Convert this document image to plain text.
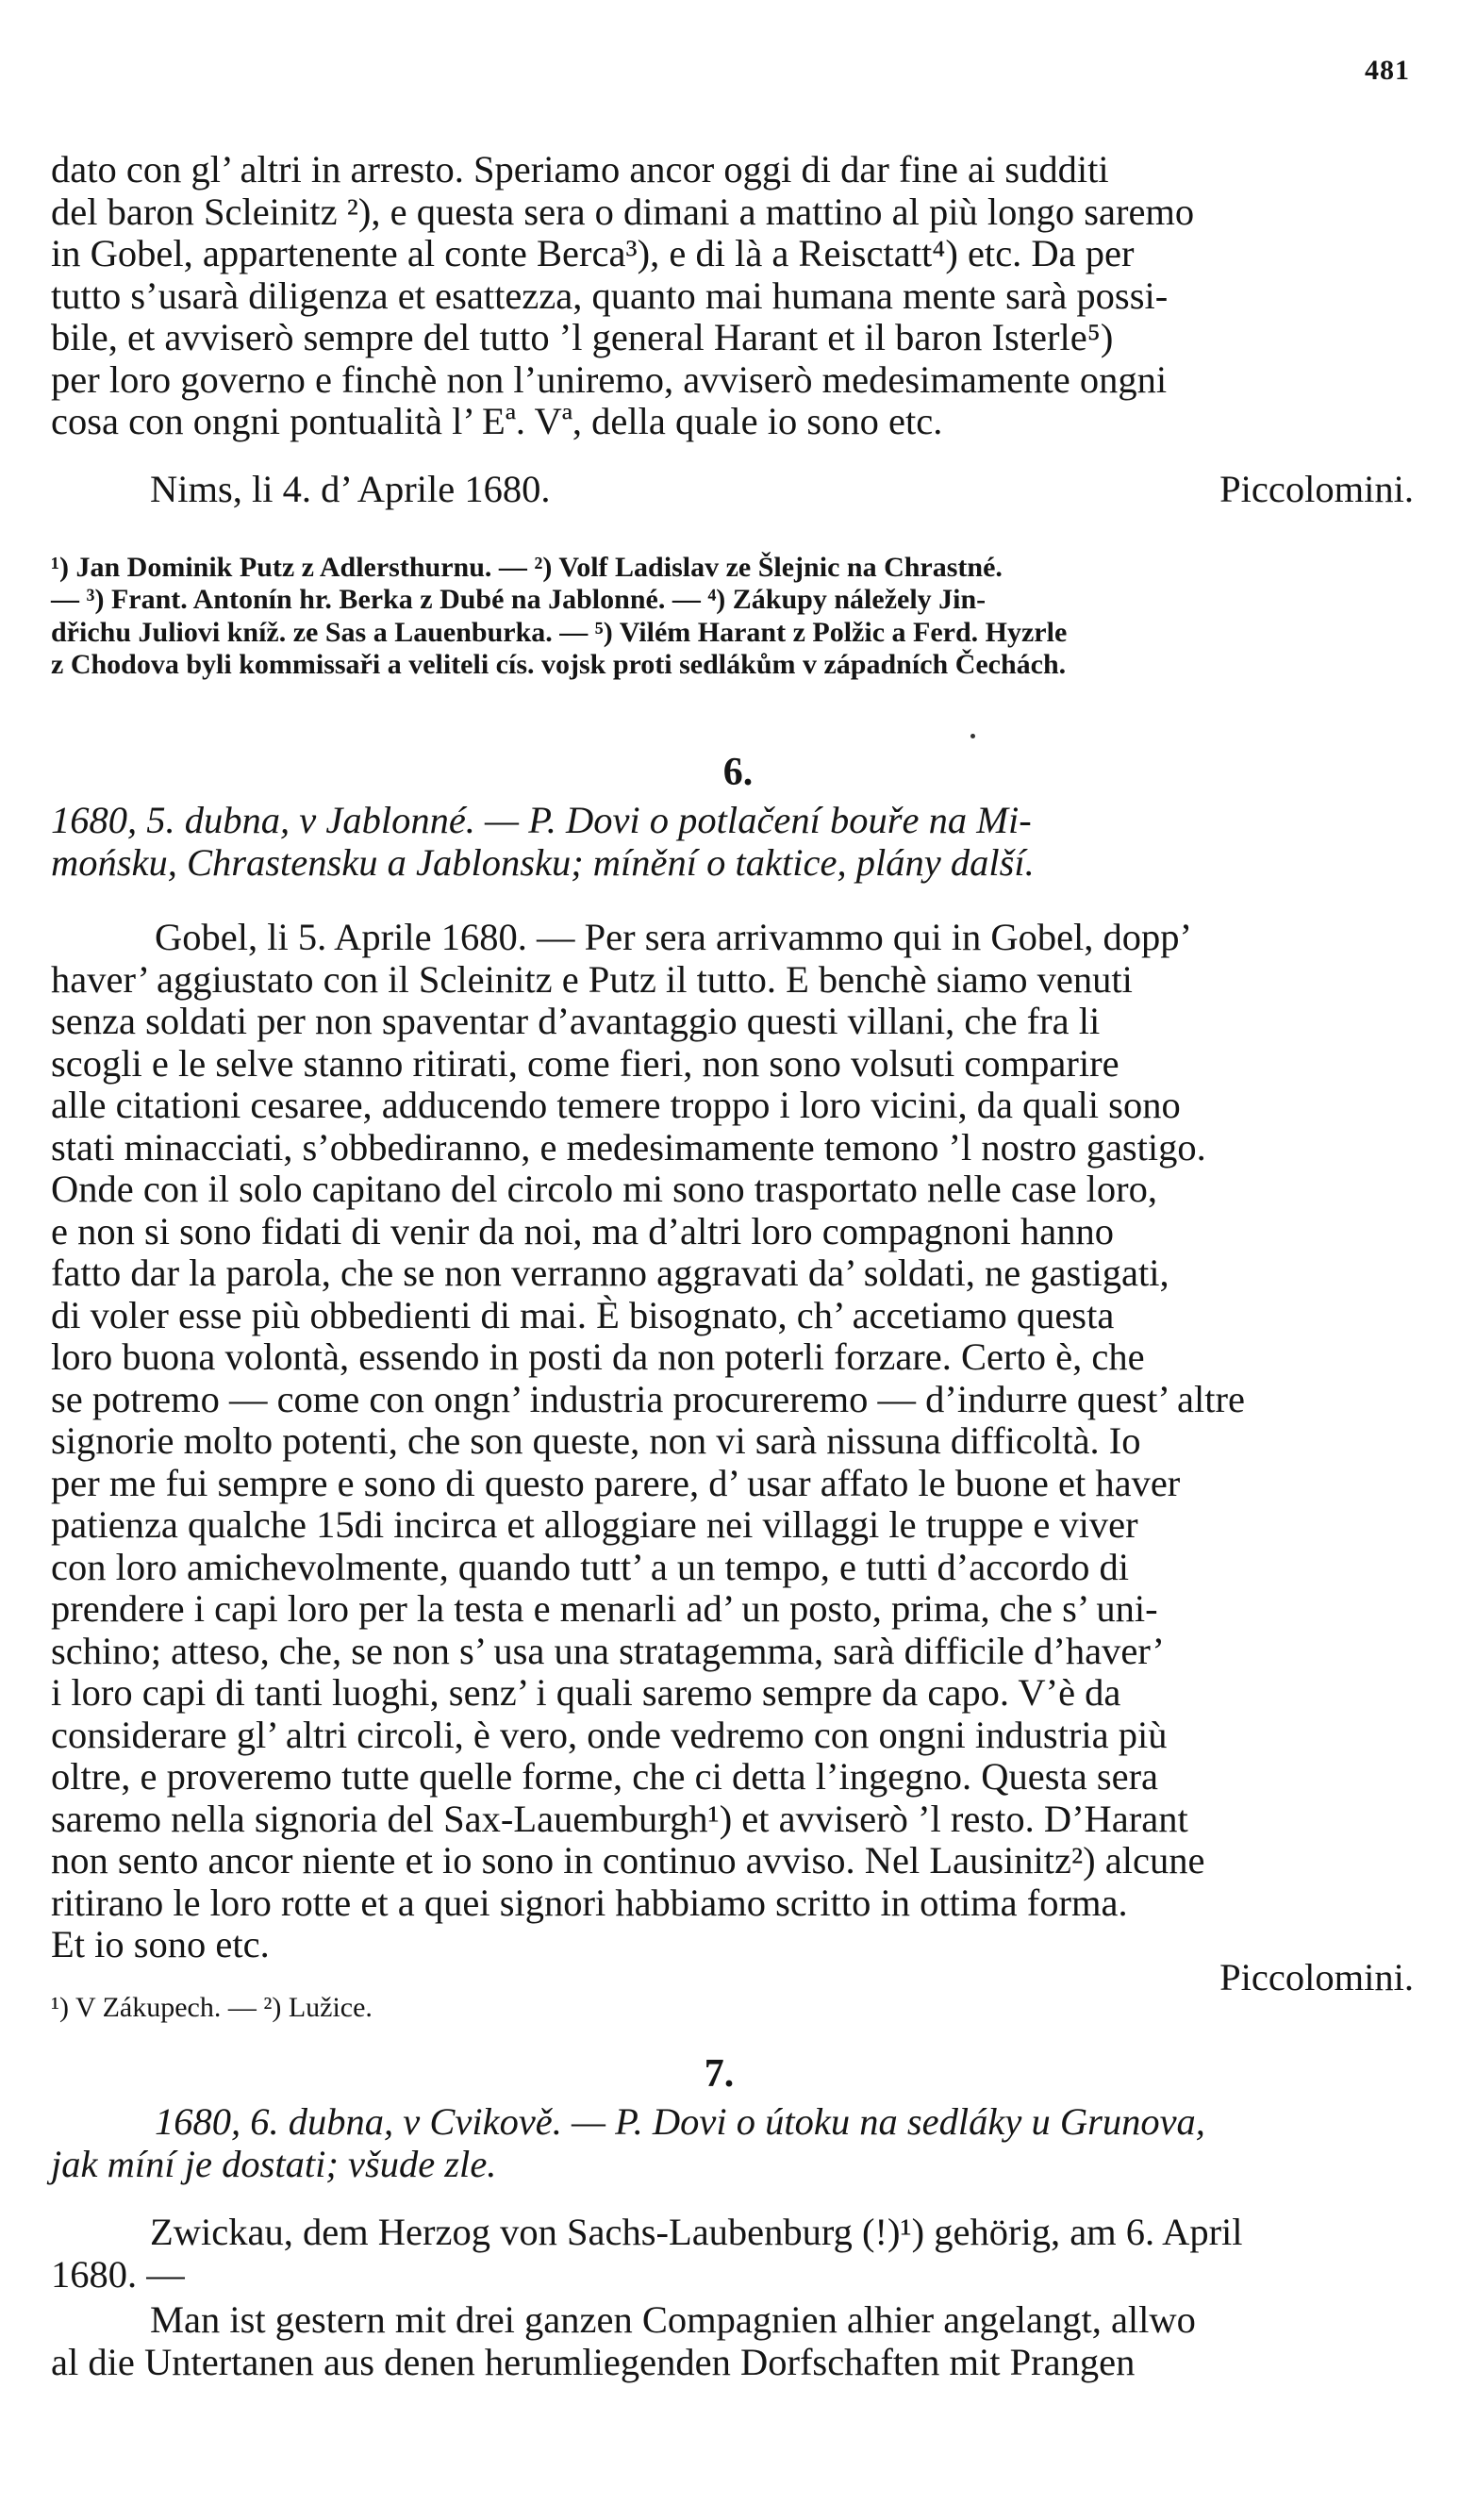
481

dato con gl’ altri in arresto. Speriamo ancor oggi di dar fine ai sudditi
del baron Scleinitz ²), e questa sera o dimani a mattino al più longo saremo
in Gobel, appartenente al conte Berca³), e di là a Reisctatt⁴) etc. Da per
tutto s’usarà diligenza et esattezza, quanto mai humana mente sarà possi-
bile, et avviserò sempre del tutto ’l general Harant et il baron Isterle⁵)
per loro governo e finchè non l’uniremo, avviserò medesimamente ongni
cosa con ongni pontualità l’ Eª. Vª, della quale io sono etc.

Nims, li 4. d’ Aprile 1680.	Piccolomini.

¹) Jan Dominik Putz z Adlersthurnu. — ²) Volf Ladislav ze Šlejnic na Chrastné.
— ³) Frant. Antonín hr. Berka z Dubé na Jablonné. — ⁴) Zákupy náležely Jin-
dřichu Juliovi kníž. ze Sas a Lauenburka. — ⁵) Vilém Harant z Polžic a Ferd. Hyzrle
z Chodova byli kommissaři a veliteli cís. vojsk proti sedlákům v západních Čechách.

6.

1680, 5. dubna, v Jablonné. — P. Dovi o potlačení bouře na Mi-
mońsku, Chrastensku a Jablonsku; mínění o taktice, plány další.

Gobel, li 5. Aprile 1680. — Per sera arrivammo qui in Gobel, dopp’
haver’ aggiustato con il Scleinitz e Putz il tutto. E benchè siamo venuti
senza soldati per non spaventar d’avantaggio questi villani, che fra li
scogli e le selve stanno ritirati, come fieri, non sono volsuti comparire
alle citationi cesaree, adducendo temere troppo i loro vicini, da quali sono
stati minacciati, s’obbediranno, e medesimamente temono ’l nostro gastigo.
Onde con il solo capitano del circolo mi sono trasportato nelle case loro,
e non si sono fidati di venir da noi, ma d’altri loro compagnoni hanno
fatto dar la parola, che se non verranno aggravati da’ soldati, ne gastigati,
di voler esse più obbedienti di mai. È bisognato, ch’ accetiamo questa
loro buona volontà, essendo in posti da non poterli forzare. Certo è, che
se potremo — come con ongn’ industria procureremo — d’indurre quest’ altre
signorie molto potenti, che son queste, non vi sarà nissuna difficoltà. Io
per me fui sempre e sono di questo parere, d’ usar affato le buone et haver
patienza qualche 15di incirca et alloggiare nei villaggi le truppe e viver
con loro amichevolmente, quando tutt’ a un tempo, e tutti d’accordo di
prendere i capi loro per la testa e menarli ad’ un posto, prima, che s’ uni-
schino; atteso, che, se non s’ usa una stratagemma, sarà difficile d’haver’
i loro capi di tanti luoghi, senz’ i quali saremo sempre da capo. V’è da
considerare gl’ altri circoli, è vero, onde vedremo con ongni industria più
oltre, e proveremo tutte quelle forme, che ci detta l’ingegno. Questa sera
saremo nella signoria del Sax-Lauemburgh¹) et avviserò ’l resto. D’Harant
non sento ancor niente et io sono in continuo avviso. Nel Lausinitz²) alcune
ritirano le loro rotte et a quei signori habbiamo scritto in ottima forma.
Et io sono etc.

Piccolomini.

¹) V Zákupech. — ²) Lužice.

7.

1680, 6. dubna, v Cvikově. — P. Dovi o útoku na sedláky u Grunova,
jak míní je dostati; všude zle.

Zwickau, dem Herzog von Sachs-Laubenburg (!)¹) gehörig, am 6. April
1680. —
Man ist gestern mit drei ganzen Compagnien alhier angelangt, allwo
al die Untertanen aus denen herumliegenden Dorfschaften mit Prangen
